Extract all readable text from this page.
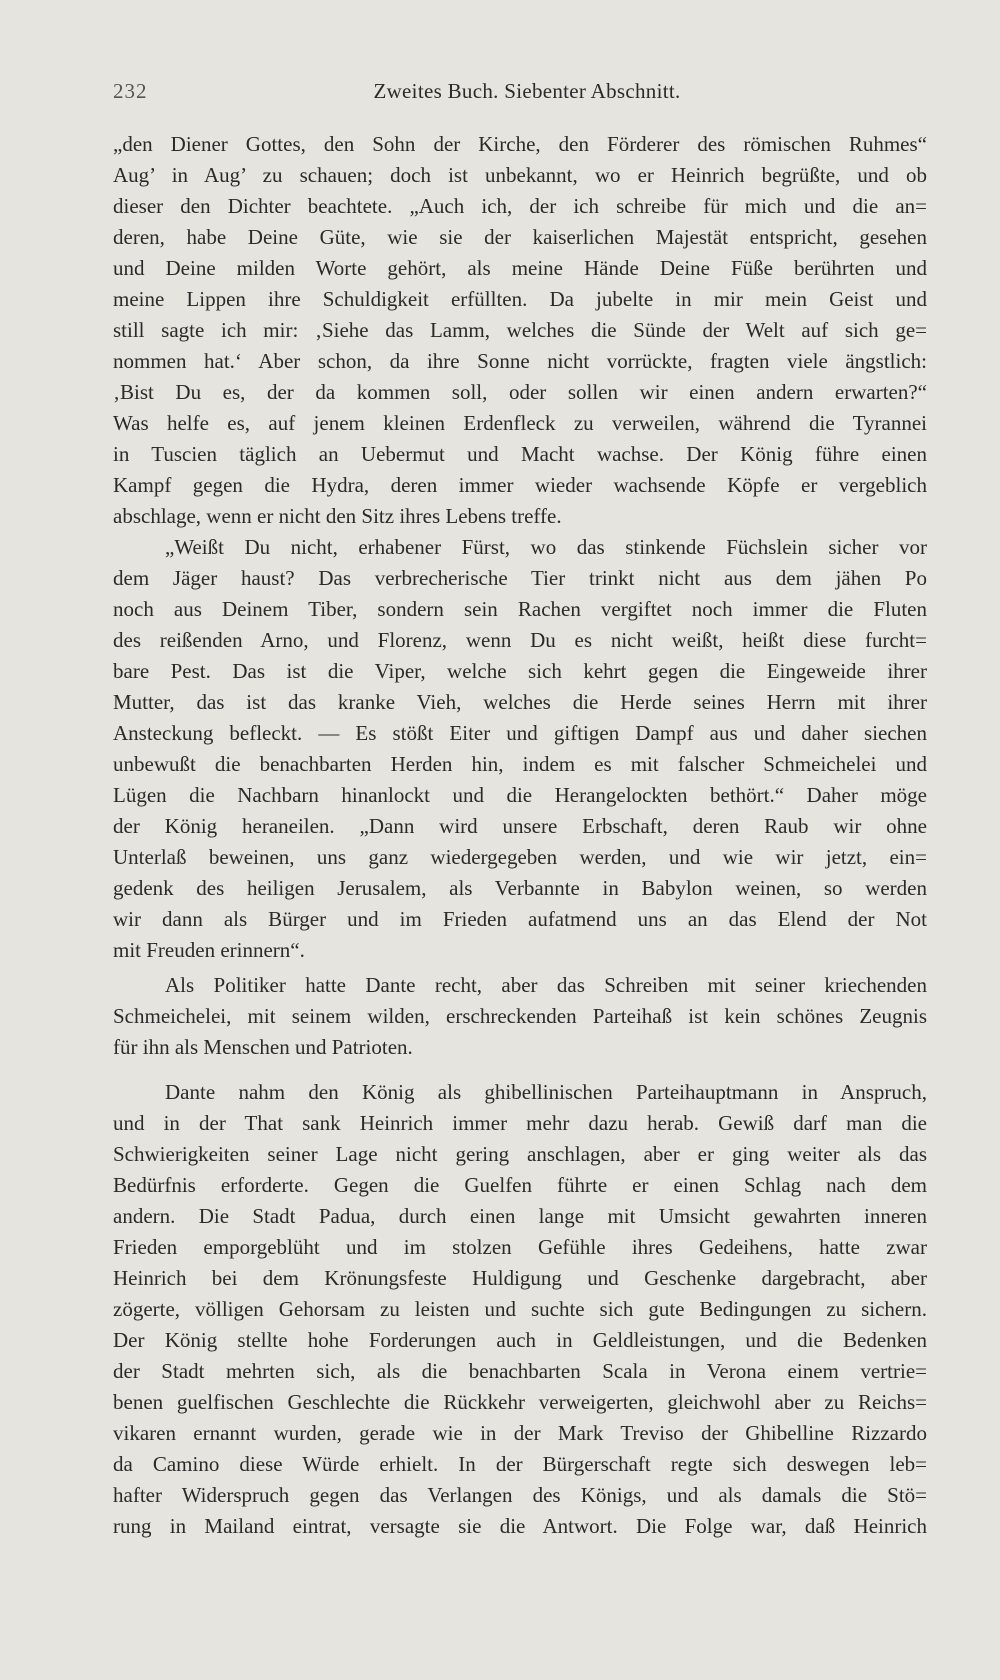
232	Zweites Buch. Siebenter Abschnitt.
„den Diener Gottes, den Sohn der Kirche, den Förderer des römischen Ruhmes“
Aug’ in Aug’ zu schauen; doch ist unbekannt, wo er Heinrich begrüßte, und ob
dieser den Dichter beachtete. „Auch ich, der ich schreibe für mich und die an=
deren, habe Deine Güte, wie sie der kaiserlichen Majestät entspricht, gesehen
und Deine milden Worte gehört, als meine Hände Deine Füße berührten und
meine Lippen ihre Schuldigkeit erfüllten. Da jubelte in mir mein Geist und
still sagte ich mir: ‚Siehe das Lamm, welches die Sünde der Welt auf sich ge=
nommen hat.‘ Aber schon, da ihre Sonne nicht vorrückte, fragten viele ängstlich:
‚Bist Du es, der da kommen soll, oder sollen wir einen andern erwarten?“
Was helfe es, auf jenem kleinen Erdenfleck zu verweilen, während die Tyrannei
in Tuscien täglich an Uebermut und Macht wachse. Der König führe einen
Kampf gegen die Hydra, deren immer wieder wachsende Köpfe er vergeblich
abschlage, wenn er nicht den Sitz ihres Lebens treffe.
„Weißt Du nicht, erhabener Fürst, wo das stinkende Füchslein sicher vor
dem Jäger haust? Das verbrecherische Tier trinkt nicht aus dem jähen Po
noch aus Deinem Tiber, sondern sein Rachen vergiftet noch immer die Fluten
des reißenden Arno, und Florenz, wenn Du es nicht weißt, heißt diese furcht=
bare Pest. Das ist die Viper, welche sich kehrt gegen die Eingeweide ihrer
Mutter, das ist das kranke Vieh, welches die Herde seines Herrn mit ihrer
Ansteckung befleckt. — Es stößt Eiter und giftigen Dampf aus und daher siechen
unbewußt die benachbarten Herden hin, indem es mit falscher Schmeichelei und
Lügen die Nachbarn hinanlockt und die Herangelockten bethört.“ Daher möge
der König heraneilen. „Dann wird unsere Erbschaft, deren Raub wir ohne
Unterlaß beweinen, uns ganz wiedergegeben werden, und wie wir jetzt, ein=
gedenk des heiligen Jerusalem, als Verbannte in Babylon weinen, so werden
wir dann als Bürger und im Frieden aufatmend uns an das Elend der Not
mit Freuden erinnern“.
Als Politiker hatte Dante recht, aber das Schreiben mit seiner kriechenden
Schmeichelei, mit seinem wilden, erschreckenden Parteihaß ist kein schönes Zeugnis
für ihn als Menschen und Patrioten.
Dante nahm den König als ghibellinischen Parteihauptmann in Anspruch,
und in der That sank Heinrich immer mehr dazu herab. Gewiß darf man die
Schwierigkeiten seiner Lage nicht gering anschlagen, aber er ging weiter als das
Bedürfnis erforderte. Gegen die Guelfen führte er einen Schlag nach dem
andern. Die Stadt Padua, durch einen lange mit Umsicht gewahrten inneren
Frieden emporgeblüht und im stolzen Gefühle ihres Gedeihens, hatte zwar
Heinrich bei dem Krönungsfeste Huldigung und Geschenke dargebracht, aber
zögerte, völligen Gehorsam zu leisten und suchte sich gute Bedingungen zu sichern.
Der König stellte hohe Forderungen auch in Geldleistungen, und die Bedenken
der Stadt mehrten sich, als die benachbarten Scala in Verona einem vertrie=
benen guelfischen Geschlechte die Rückkehr verweigerten, gleichwohl aber zu Reichs=
vikaren ernannt wurden, gerade wie in der Mark Treviso der Ghibelline Rizzardo
da Camino diese Würde erhielt. In der Bürgerschaft regte sich deswegen leb=
hafter Widerspruch gegen das Verlangen des Königs, und als damals die Stö=
rung in Mailand eintrat, versagte sie die Antwort. Die Folge war, daß Heinrich
